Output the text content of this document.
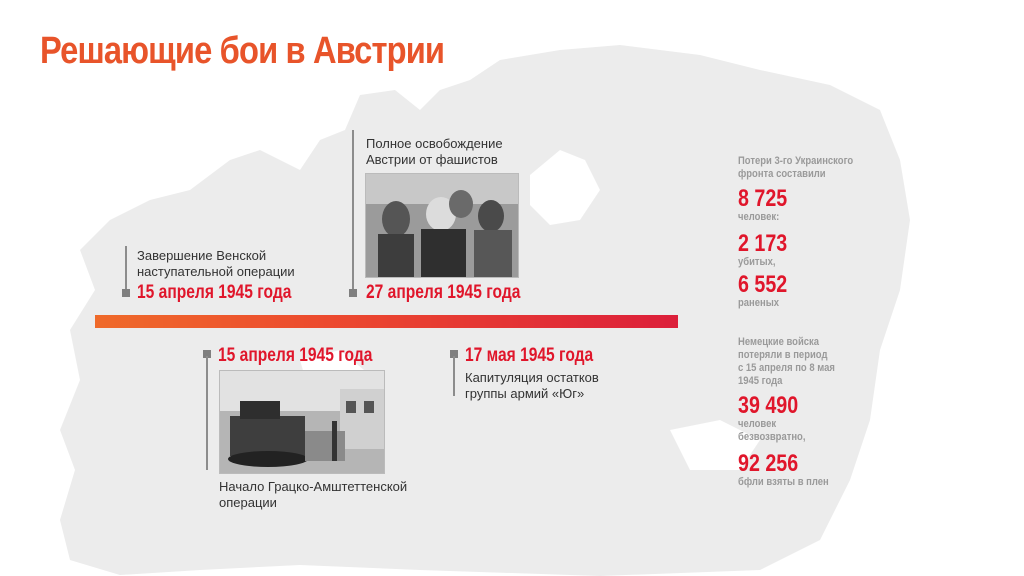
Решающие бои в Австрии
Завершение Венской
наступательной операции
15 апреля 1945 года
Полное освобождение
Австрии от фашистов
27 апреля 1945 года
15 апреля 1945 года
Начало Грацко-Амштеттенской
операции
17 мая 1945 года
Капитуляция остатков
группы армий «Юг»
Потери 3-го Украинского
фронта составили
8 725
человек:
2 173
убитых,
6 552
раненых
Немецкие войска
потеряли в период
с 15 апреля по 8 мая
1945 года
39 490
человек
безвозвратно,
92 256
бфли взяты в плен
